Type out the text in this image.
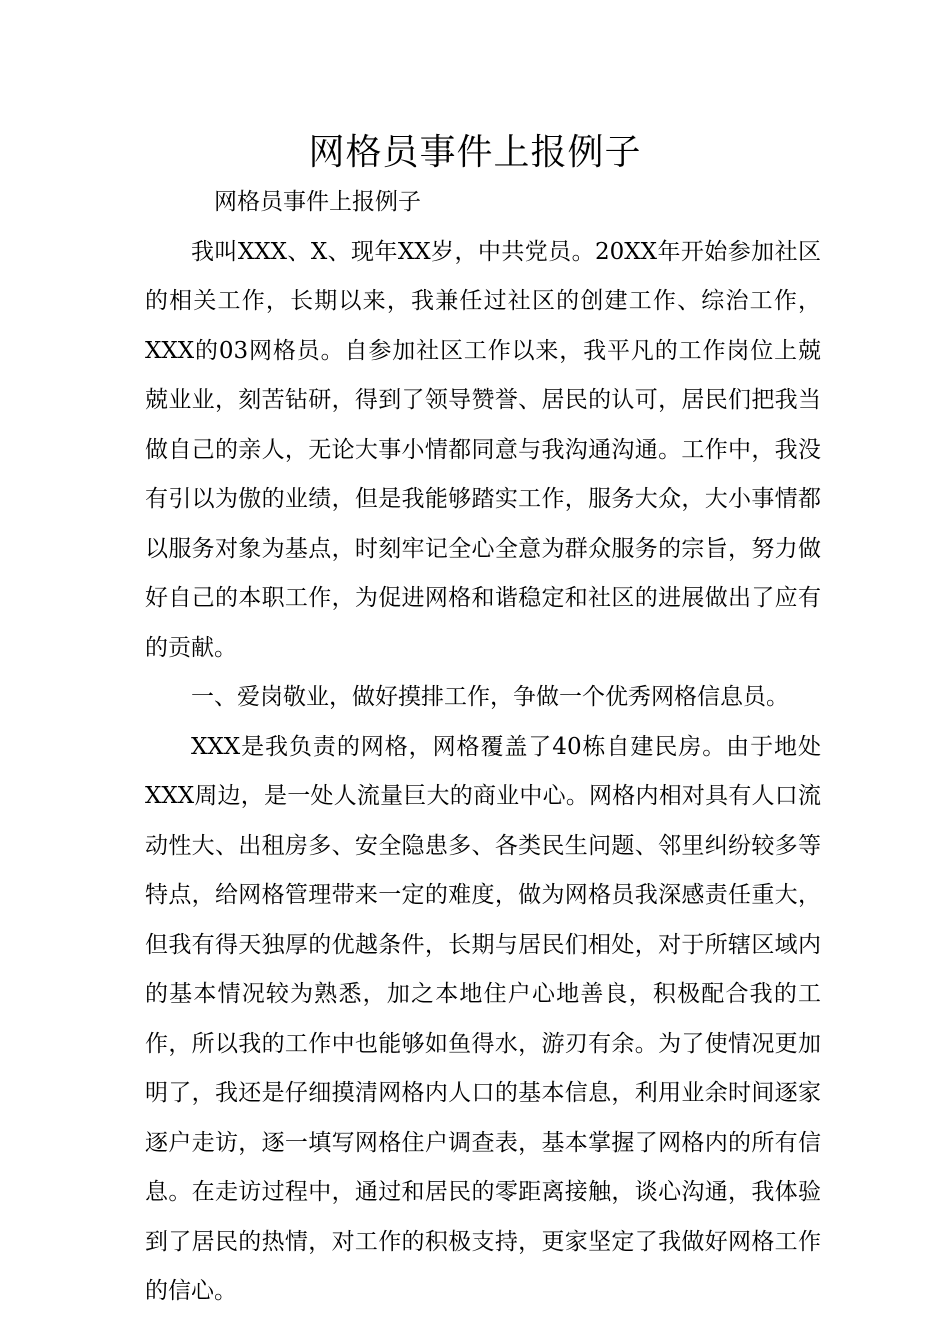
网格员事件上报例子

网格员事件上报例子

我叫XXX、X、现年XX岁，中共党员。20XX年开始参加社区的相关工作，长期以来，我兼任过社区的创建工作、综治工作，XXX的03网格员。自参加社区工作以来，我平凡的工作岗位上兢兢业业，刻苦钻研，得到了领导赞誉、居民的认可，居民们把我当做自己的亲人，无论大事小情都同意与我沟通沟通。工作中，我没有引以为傲的业绩，但是我能够踏实工作，服务大众，大小事情都以服务对象为基点，时刻牢记全心全意为群众服务的宗旨，努力做好自己的本职工作，为促进网格和谐稳定和社区的进展做出了应有的贡献。

一、爱岗敬业，做好摸排工作，争做一个优秀网格信息员。

XXX是我负责的网格，网格覆盖了40栋自建民房。由于地处XXX周边，是一处人流量巨大的商业中心。网格内相对具有人口流动性大、出租房多、安全隐患多、各类民生问题、邻里纠纷较多等特点，给网格管理带来一定的难度，做为网格员我深感责任重大，但我有得天独厚的优越条件，长期与居民们相处，对于所辖区域内的基本情况较为熟悉，加之本地住户心地善良，积极配合我的工作，所以我的工作中也能够如鱼得水，游刃有余。为了使情况更加明了，我还是仔细摸清网格内人口的基本信息，利用业余时间逐家逐户走访，逐一填写网格住户调查表，基本掌握了网格内的所有信息。在走访过程中，通过和居民的零距离接触，谈心沟通，我体验到了居民的热情，对工作的积极支持，更家坚定了我做好网格工作的信心。
